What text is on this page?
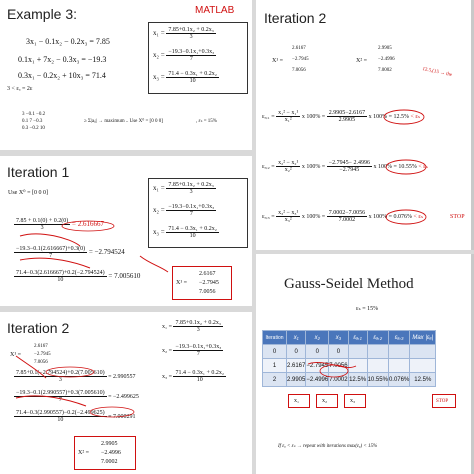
Example 3:	MATLAB
3x₁ − 0.1x₂ − 0.2x₃ = 7.85
0.1x₁ + 7x₂ − 0.3x₃ = −19.3
0.3x₁ − 0.2x₂ + 10x₃ = 71.4
3 < εₐ = 2ε
3 −0.1 −0.2
0.1 7 −0.3
0.3 −0.2 10
≥ Σ|aᵢⱼ| → maximum .. Use X⁰ = [0 0 0]	, εₛ = 15%
$x_1 = \frac{\text{7.85+0.1x₂ + 0.2x₃}}{3}$
$x_2 = \frac{\text{−19.3−0.1x₁+0.3x₃}}{7}$
$x_3 = \frac{\text{71.4 − 0.3x₁ + 0.2x₂}}{10}$
Iteration 1
Use X⁰ = [0 0 0]
$\frac{7.85 + 0.1(0) + 0.2(0)}{3} = 2.616667$
$\frac{-19.3-0.1(2.616667)+0.3(0)}{7} = -2.794524$
$\frac{71.4-0.3(2.616667)+0.2(-2.794524)}{10} = 7.005610$
$x_1 = \frac{\text{7.85+0.1x₂ + 0.2x₃}}{3}$
$x_2 = \frac{\text{−19.3−0.1x₁+0.3x₃}}{7}$
$x_3 = \frac{\text{71.4 − 0.3x₁ + 0.2x₂}}{10}$
X¹ =
2.6167
−2.7945
7.0056
Iteration 2
X¹ =
2.6167
−2.7945
7.0056
$\frac{7.85+0.1(-2.794524)+0.2(7.005610)}{3} = 2.990557$
$\frac{-19.3-0.1(2.990557)+0.3(7.005610)}{7} = -2.499625$
$\frac{71.4-0.3(2.990557)-0.2(-2.499625)}{10} = 7.000291$
$x_1 = \frac{\text{7.85+0.1x₂ + 0.2x₃}}{3}$
$x_2 = \frac{\text{−19.3−0.1x₁+0.3x₃}}{7}$
$x_3 = \frac{\text{71.4 − 0.3x₁ + 0.2x₂}}{10}$
X² =
2.9905
−2.4996
7.0002
Iteration 2
X¹ =
2.6167
−2.7945
7.0056
X² =
2.9905
−2.4996
7.0002	12.5,(15 → the
$\varepsilon_a,_1 = \frac{\text{x₁² − x₁¹}}{\text{x₁²}}$ x $100\% = \frac{2.9905-2.6167}{2.9905}$ x 100% = 12.5% < εₛ
$\varepsilon_a,_2 = \frac{\text{x₂² − x₂¹}}{\text{x₂²}}$ x $100\% = \frac{-2.7945- 2.4996}{-2.7945}$ x 100% = 10.55% < εₛ
$\varepsilon_a,_3 = \frac{\text{x₃² − x₃¹}}{\text{x₃²}}$ x $100\% = \frac{7.0002-7.0056}{7.0002}$ x 100% = 0.076% < εₛ	STOP
Gauss-Seidel Method
εₛ = 15%
Iteration	x₁	x₂	x₃	εₐ,₁	εₐ,₂	εₐ,₃	Max |εₐ|
0	0	0	0				
1	2.6167	−2.7945	7.0056				
2	2.9905	−2.4996	7.0002	12.5%	10.55%	0.076%	12.5%
x₁	x₂	x₃	STOP
If εₐ < εₛ → repeat with iterations max(εₐ) < 15%
